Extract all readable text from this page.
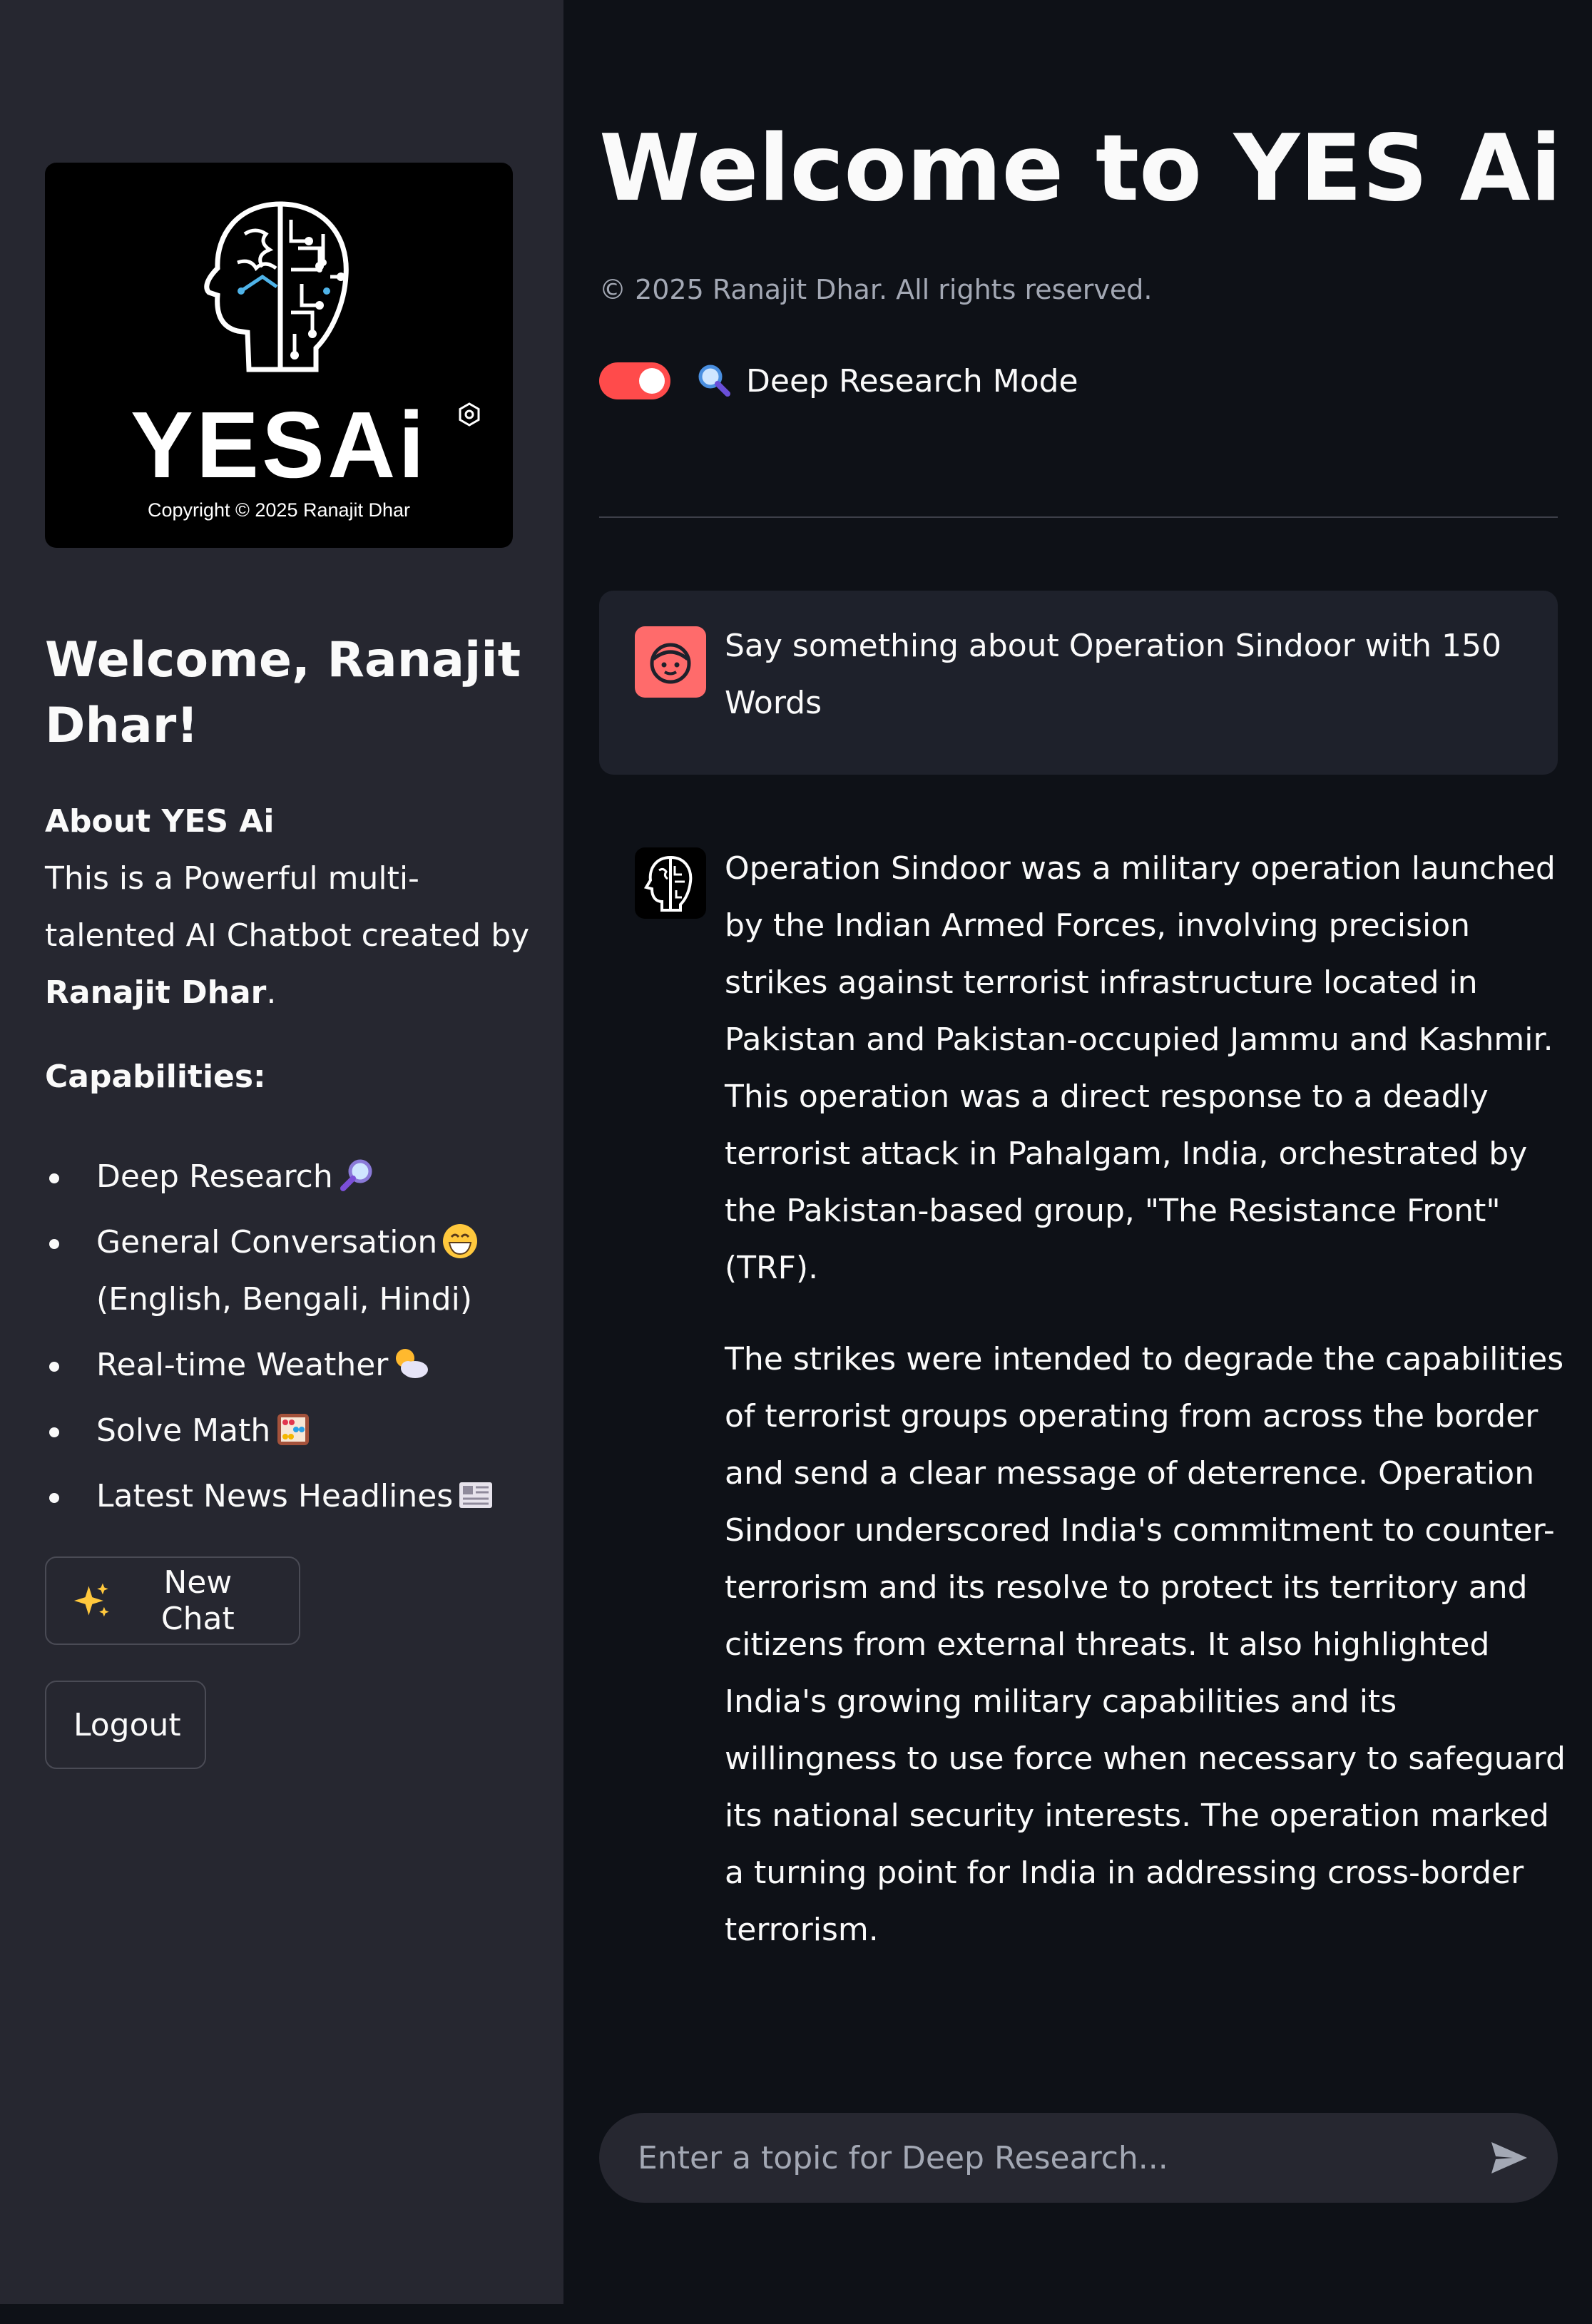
YESAi
Copyright © 2025 Ranajit Dhar
Welcome, Ranajit Dhar!
About YES Ai
This is a Powerful multi-talented AI Chatbot created by Ranajit Dhar.
Capabilities:
Deep Research
General Conversation
(English, Bengali, Hindi)
Real-time Weather
Solve Math
Latest News Headlines
New Chat
Logout
Welcome to YES Ai
© 2025 Ranajit Dhar. All rights reserved.
Deep Research Mode
Say something about Operation Sindoor with 150 Words

Operation Sindoor was a military operation launched by the Indian Armed Forces, involving precision strikes against terrorist infrastructure located in Pakistan and Pakistan-occupied Jammu and Kashmir. This operation was a direct response to a deadly terrorist attack in Pahalgam, India, orchestrated by the Pakistan-based group, "The Resistance Front" (TRF).

The strikes were intended to degrade the capabilities of terrorist groups operating from across the border and send a clear message of deterrence. Operation Sindoor underscored India's commitment to counter-terrorism and its resolve to protect its territory and citizens from external threats. It also highlighted India's growing military capabilities and its willingness to use force when necessary to safeguard its national security interests. The operation marked a turning point for India in addressing cross-border terrorism.

Enter a topic for Deep Research...
